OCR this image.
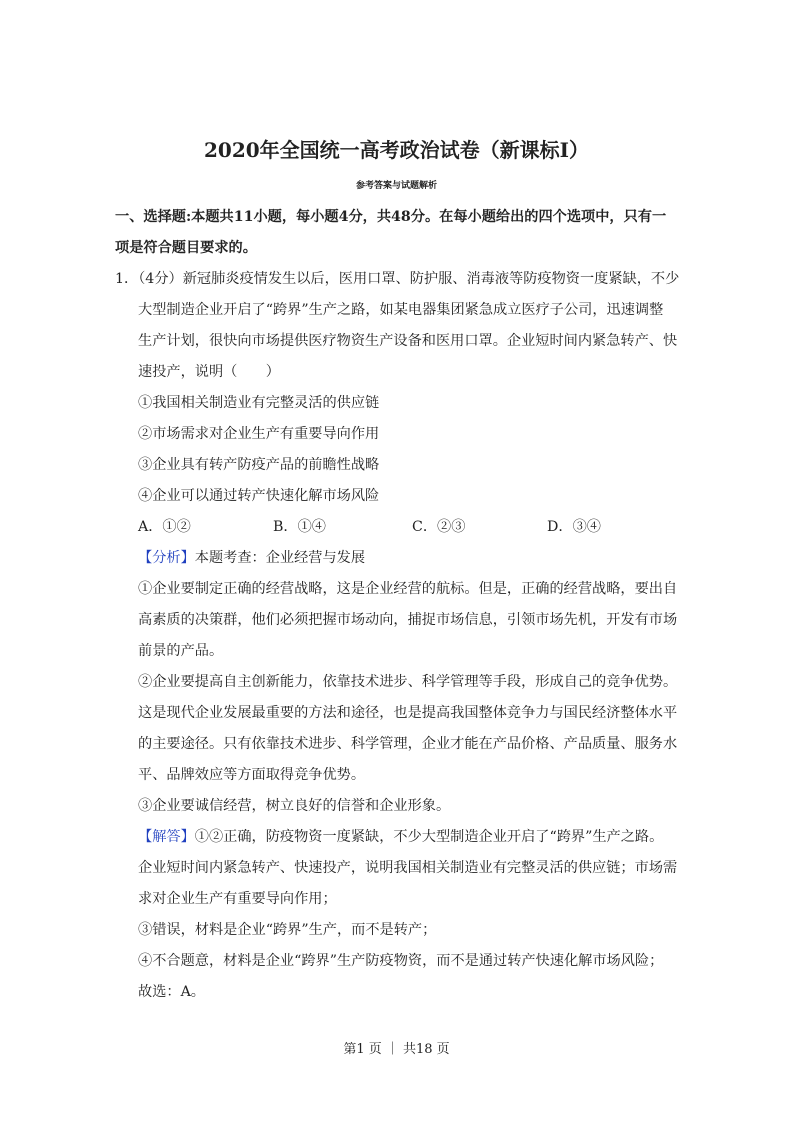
2020年全国统一高考政治试卷（新课标Ⅰ）
参考答案与试题解析
一、选择题:本题共11小题，每小题4分，共48分。在每小题给出的四个选项中，只有一
项是符合题目要求的。
1．（4分）新冠肺炎疫情发生以后，医用口罩、防护服、消毒液等防疫物资一度紧缺，不少
大型制造企业开启了“跨界”生产之路，如某电器集团紧急成立医疗子公司，迅速调整
生产计划，很快向市场提供医疗物资生产设备和医用口罩。企业短时间内紧急转产、快
速投产，说明（　　）
①我国相关制造业有完整灵活的供应链
②市场需求对企业生产有重要导向作用
③企业具有转产防疫产品的前瞻性战略
④企业可以通过转产快速化解市场风险
A．①②	B．①④	C．②③	D．③④
【分析】本题考查：企业经营与发展
①企业要制定正确的经营战略，这是企业经营的航标。但是，正确的经营战略，要出自
高素质的决策群，他们必须把握市场动向，捕捉市场信息，引领市场先机，开发有市场
前景的产品。
②企业要提高自主创新能力，依靠技术进步、科学管理等手段，形成自己的竞争优势。
这是现代企业发展最重要的方法和途径，也是提高我国整体竞争力与国民经济整体水平
的主要途径。只有依靠技术进步、科学管理，企业才能在产品价格、产品质量、服务水
平、品牌效应等方面取得竞争优势。
③企业要诚信经营，树立良好的信誉和企业形象。
【解答】①②正确，防疫物资一度紧缺，不少大型制造企业开启了“跨界”生产之路。
企业短时间内紧急转产、快速投产，说明我国相关制造业有完整灵活的供应链；市场需
求对企业生产有重要导向作用；
③错误，材料是企业“跨界”生产，而不是转产；
④不合题意，材料是企业“跨界”生产防疫物资，而不是通过转产快速化解市场风险；
故选：A。
第1 页 ｜ 共18 页
